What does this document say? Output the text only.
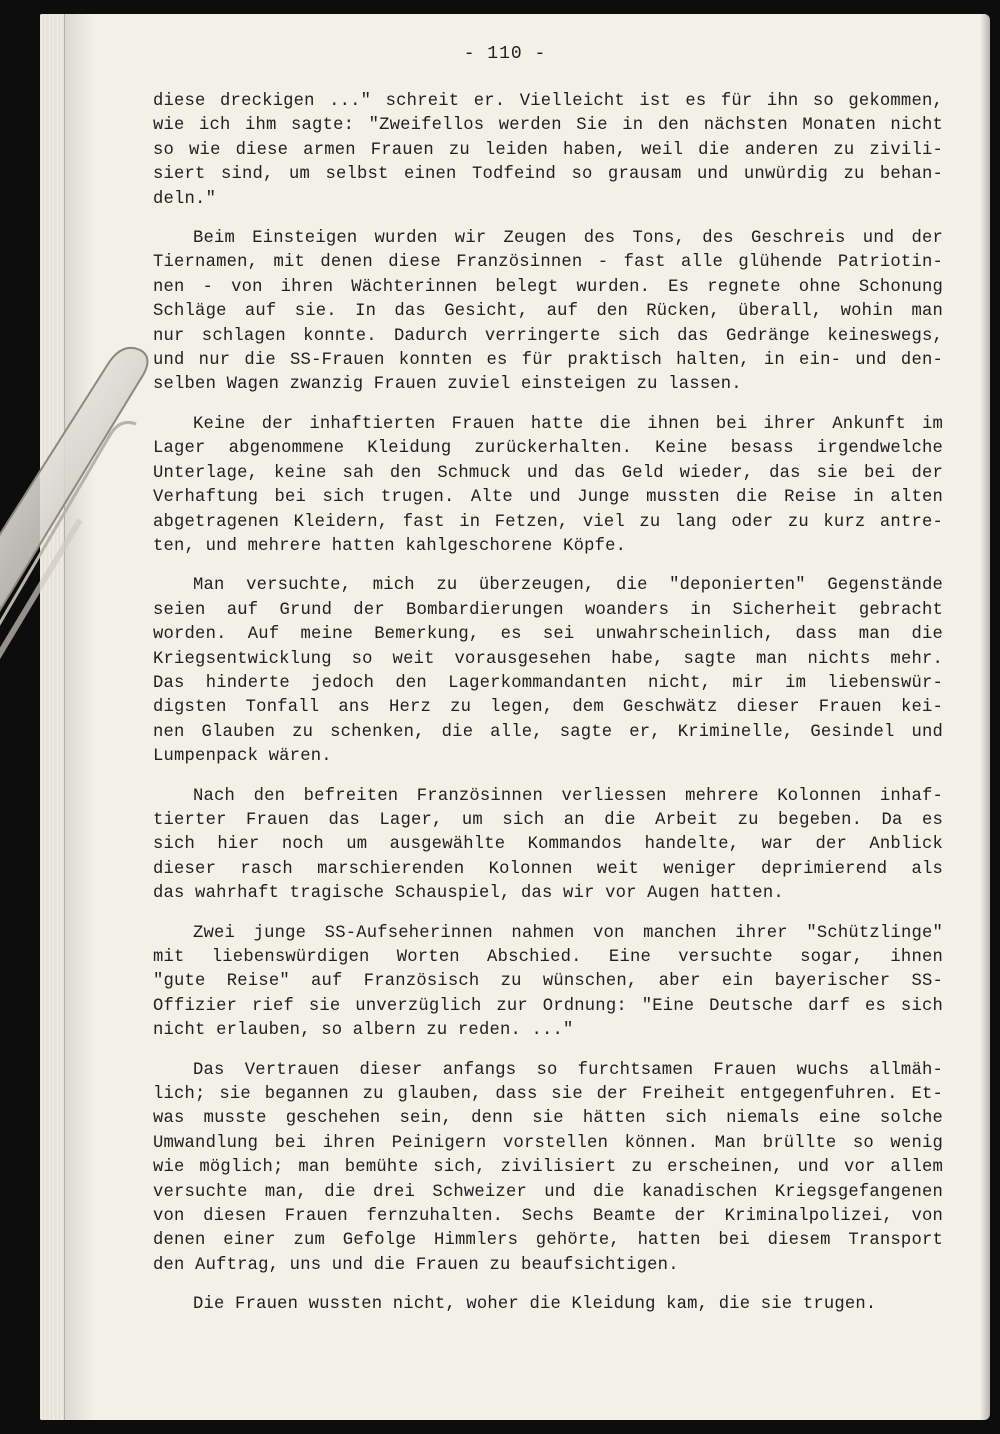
- 110 -
diese dreckigen ..." schreit er. Vielleicht ist es für ihn so gekommen,
wie ich ihm sagte: "Zweifellos werden Sie in den nächsten Monaten nicht
so wie diese armen Frauen zu leiden haben, weil die anderen zu zivili-
siert sind, um selbst einen Todfeind so grausam und unwürdig zu behan-
deln."
Beim Einsteigen wurden wir Zeugen des Tons, des Geschreis und der
Tiernamen, mit denen diese Französinnen - fast alle glühende Patriotin-
nen - von ihren Wächterinnen belegt wurden. Es regnete ohne Schonung
Schläge auf sie. In das Gesicht, auf den Rücken, überall, wohin man
nur schlagen konnte. Dadurch verringerte sich das Gedränge keineswegs,
und nur die SS-Frauen konnten es für praktisch halten, in ein- und den-
selben Wagen zwanzig Frauen zuviel einsteigen zu lassen.
Keine der inhaftierten Frauen hatte die ihnen bei ihrer Ankunft im
Lager abgenommene Kleidung zurückerhalten. Keine besass irgendwelche
Unterlage, keine sah den Schmuck und das Geld wieder, das sie bei der
Verhaftung bei sich trugen. Alte und Junge mussten die Reise in alten
abgetragenen Kleidern, fast in Fetzen, viel zu lang oder zu kurz antre-
ten, und mehrere hatten kahlgeschorene Köpfe.
Man versuchte, mich zu überzeugen, die "deponierten" Gegenstände
seien auf Grund der Bombardierungen woanders in Sicherheit gebracht
worden. Auf meine Bemerkung, es sei unwahrscheinlich, dass man die
Kriegsentwicklung so weit vorausgesehen habe, sagte man nichts mehr.
Das hinderte jedoch den Lagerkommandanten nicht, mir im liebenswür-
digsten Tonfall ans Herz zu legen, dem Geschwätz dieser Frauen kei-
nen Glauben zu schenken, die alle, sagte er, Kriminelle, Gesindel und
Lumpenpack wären.
Nach den befreiten Französinnen verliessen mehrere Kolonnen inhaf-
tierter Frauen das Lager, um sich an die Arbeit zu begeben. Da es
sich hier noch um ausgewählte Kommandos handelte, war der Anblick
dieser rasch marschierenden Kolonnen weit weniger deprimierend als
das wahrhaft tragische Schauspiel, das wir vor Augen hatten.
Zwei junge SS-Aufseherinnen nahmen von manchen ihrer "Schützlinge"
mit liebenswürdigen Worten Abschied. Eine versuchte sogar, ihnen
"gute Reise" auf Französisch zu wünschen, aber ein bayerischer SS-
Offizier rief sie unverzüglich zur Ordnung: "Eine Deutsche darf es sich
nicht erlauben, so albern zu reden. ..."
Das Vertrauen dieser anfangs so furchtsamen Frauen wuchs allmäh-
lich; sie begannen zu glauben, dass sie der Freiheit entgegenfuhren. Et-
was musste geschehen sein, denn sie hätten sich niemals eine solche
Umwandlung bei ihren Peinigern vorstellen können. Man brüllte so wenig
wie möglich; man bemühte sich, zivilisiert zu erscheinen, und vor allem
versuchte man, die drei Schweizer und die kanadischen Kriegsgefangenen
von diesen Frauen fernzuhalten. Sechs Beamte der Kriminalpolizei, von
denen einer zum Gefolge Himmlers gehörte, hatten bei diesem Transport
den Auftrag, uns und die Frauen zu beaufsichtigen.
Die Frauen wussten nicht, woher die Kleidung kam, die sie trugen.
